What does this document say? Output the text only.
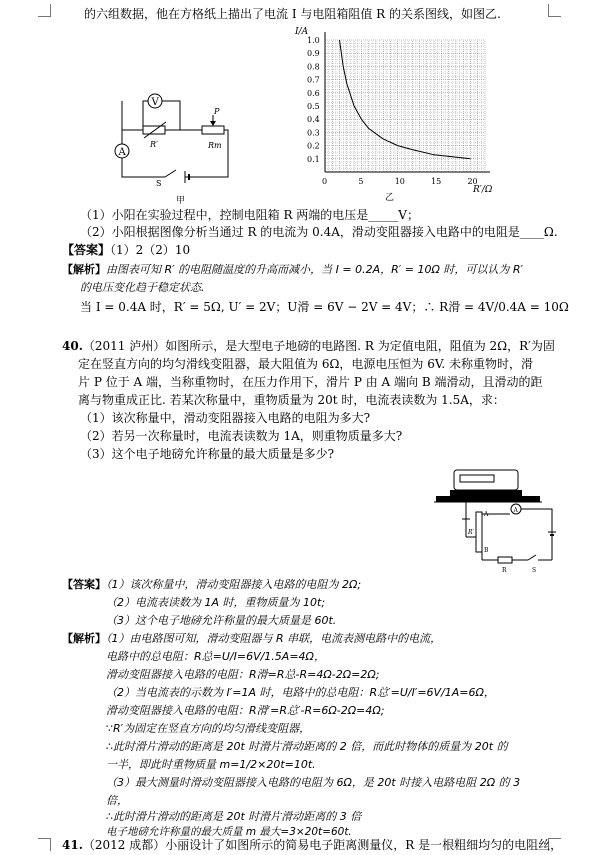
的六组数据，他在方格纸上描出了电流 I 与电阻箱阻值 R 的关系图线，如图乙.
V
A
R′	Rm
P
S
甲
I/A
R′/Ω
乙
1.0
0.9
0.8
0.7
0.6
0.5
0.4
0.3
0.2
0.1
0	5	10	15	20
（1）小阳在实验过程中，控制电阻箱 R 两端的电压是_____V；
（2）小阳根据图像分析当通过 R 的电流为 0.4A，滑动变阻器接入电路中的电阻是____Ω.
【答案】（1）2（2）10
【解析】由图表可知 R′ 的电阻随温度的升高而减小，当 I = 0.2A，R′ = 10Ω 时，可以认为 R′
的电压变化趋于稳定状态.
当 I = 0.4A 时，R′ = 5Ω, U′ = 2V；U滑 = 6V − 2V = 4V；∴ R滑 = 4V/0.4A = 10Ω
40.（2011 泸州）如图所示，是大型电子地磅的电路图. R 为定值电阻，阻值为 2Ω，R′为固
定在竖直方向的均匀滑线变阻器，最大阻值为 6Ω，电源电压恒为 6V. 未称重物时，滑
片 P 位于 A 端，当称重物时，在压力作用下，滑片 P 由 A 端向 B 端滑动，且滑动的距
离与物重成正比. 若某次称量中，重物质量为 20t 时，电流表读数为 1.5A，求：
（1）该次称量中，滑动变阻器接入电路的电阻为多大?
（2）若另一次称量时，电流表读数为 1A，则重物质量多大?
（3）这个电子地磅允许称量的最大质量是多少?
A
A
B
R′
R	S
【答案】（1）该次称量中，滑动变阻器接入电路的电阻为 2Ω;
（2）电流表读数为 1A 时，重物质量为 10t;
（3）这个电子地磅允许称量的最大质量是 60t.
【解析】（1）由电路图可知，滑动变阻器与 R 串联，电流表测电路中的电流，
电路中的总电阻：R总=U/I=6V/1.5A=4Ω，
滑动变阻器接入电路的电阻：R滑=R总-R=4Ω-2Ω=2Ω;
（2）当电流表的示数为 I′=1A 时，电路中的总电阻：R总′=U/I′=6V/1A=6Ω，
滑动变阻器接入电路的电阻：R滑′=R总′-R=6Ω-2Ω=4Ω;
∵R′为固定在竖直方向的均匀滑线变阻器，
∴此时滑片滑动的距离是 20t 时滑片滑动距离的 2 倍，而此时物体的质量为 20t 的
一半，即此时重物质量 m=1/2×20t=10t.
（3）最大测量时滑动变阻器接入电路的电阻为 6Ω，是 20t 时接入电路电阻 2Ω 的 3
倍，
∴此时滑片滑动的距离是 20t 时滑片滑动距离的 3 倍
电子地磅允许称量的最大质量 m 最大=3×20t=60t.
41.（2012 成都）小丽设计了如图所示的简易电子距离测量仪，R 是一根粗细均匀的电阻丝，
